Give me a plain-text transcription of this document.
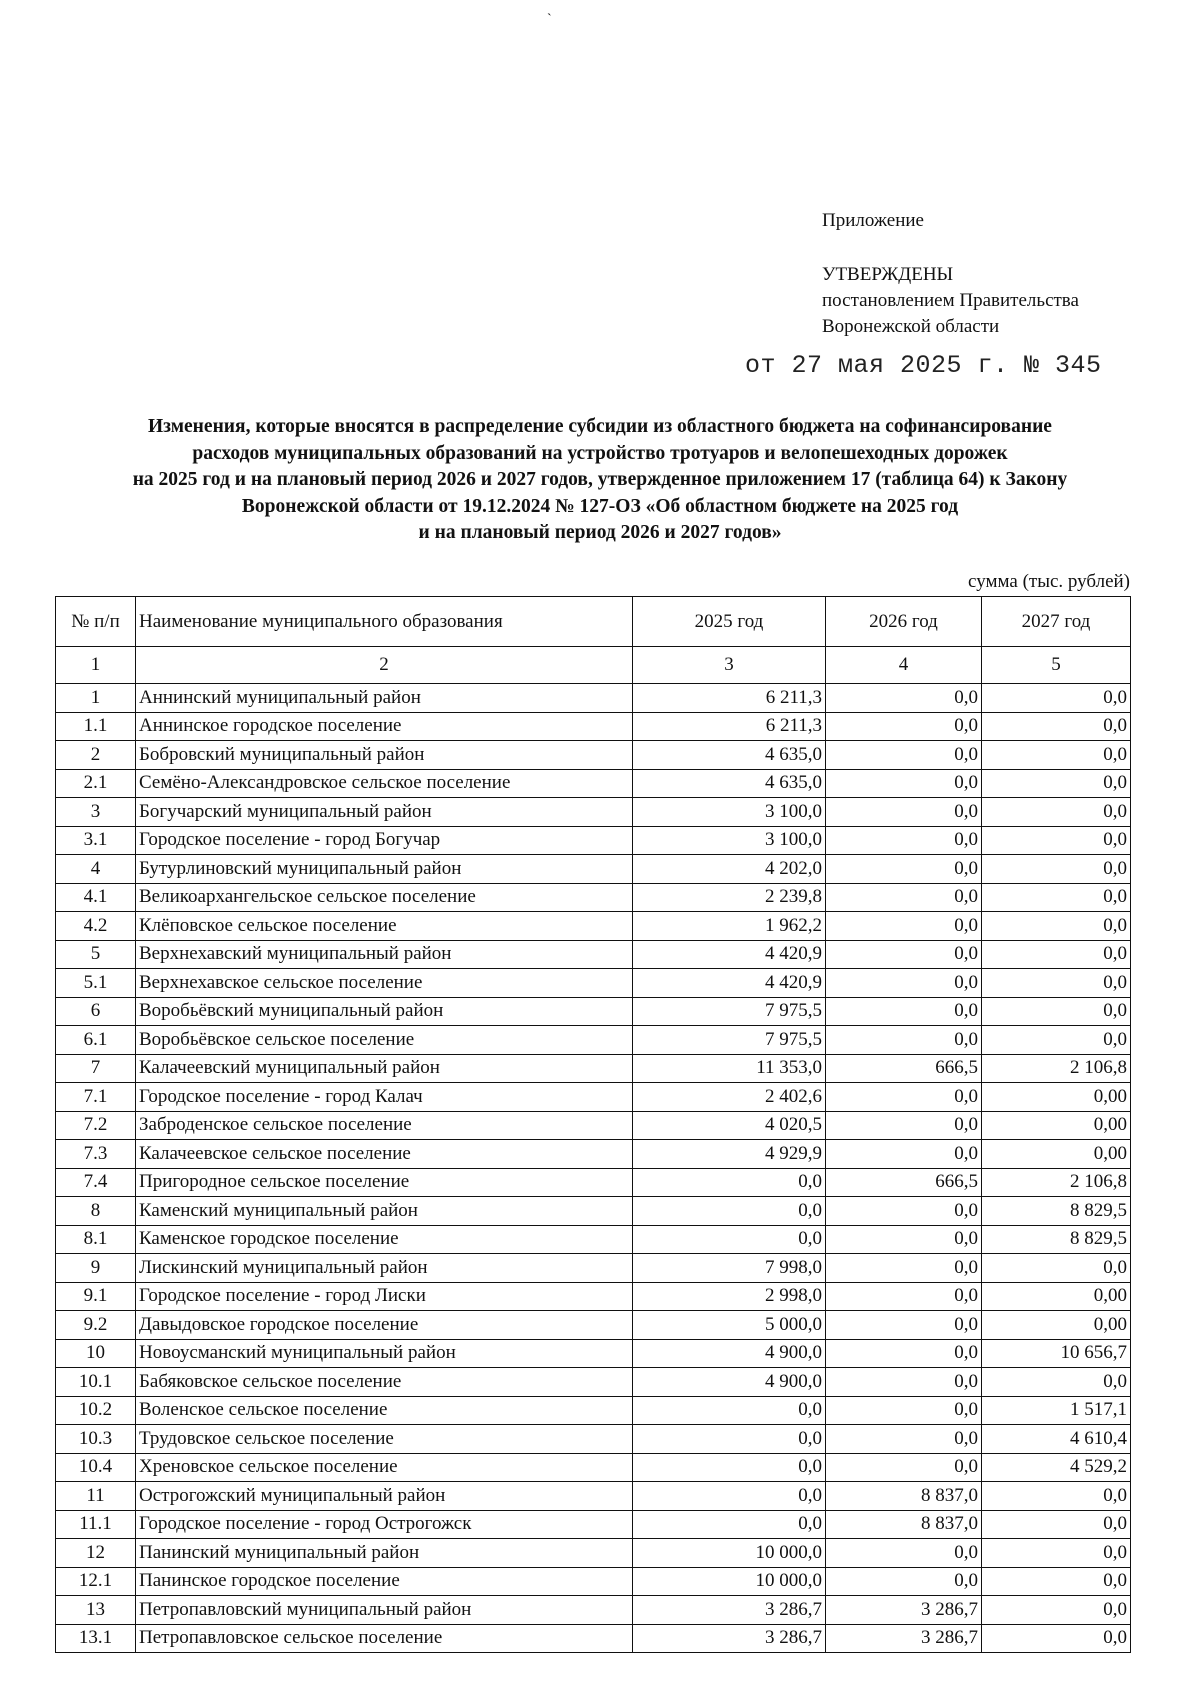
`
Приложение
УТВЕРЖДЕНЫ
постановлением Правительства
Воронежской области
от 27 мая 2025 г. № 345
Изменения, которые вносятся в распределение субсидии из областного бюджета на софинансирование
расходов муниципальных образований на устройство тротуаров и велопешеходных дорожек
на 2025 год и на плановый период 2026 и 2027 годов, утвержденное приложением 17 (таблица 64) к Закону
Воронежской области от 19.12.2024 № 127-ОЗ «Об областном бюджете на 2025 год
и на плановый период 2026 и 2027 годов»
сумма (тыс. рублей)
№ п/п	Наименование муниципального образования	2025 год	2026 год	2027 год
1	2	3	4	5
1	Аннинский муниципальный район	6 211,3	0,0	0,0
1.1	Аннинское городское поселение	6 211,3	0,0	0,0
2	Бобровский муниципальный район	4 635,0	0,0	0,0
2.1	Семёно-Александровское сельское поселение	4 635,0	0,0	0,0
3	Богучарский муниципальный район	3 100,0	0,0	0,0
3.1	Городское поселение - город Богучар	3 100,0	0,0	0,0
4	Бутурлиновский муниципальный район	4 202,0	0,0	0,0
4.1	Великоархангельское сельское поселение	2 239,8	0,0	0,0
4.2	Клёповское сельское поселение	1 962,2	0,0	0,0
5	Верхнехавский муниципальный район	4 420,9	0,0	0,0
5.1	Верхнехавское сельское поселение	4 420,9	0,0	0,0
6	Воробьёвский муниципальный район	7 975,5	0,0	0,0
6.1	Воробьёвское сельское поселение	7 975,5	0,0	0,0
7	Калачеевский муниципальный район	11 353,0	666,5	2 106,8
7.1	Городское поселение - город Калач	2 402,6	0,0	0,00
7.2	Заброденское сельское поселение	4 020,5	0,0	0,00
7.3	Калачеевское сельское поселение	4 929,9	0,0	0,00
7.4	Пригородное сельское поселение	0,0	666,5	2 106,8
8	Каменский муниципальный район	0,0	0,0	8 829,5
8.1	Каменское городское поселение	0,0	0,0	8 829,5
9	Лискинский муниципальный район	7 998,0	0,0	0,0
9.1	Городское поселение - город Лиски	2 998,0	0,0	0,00
9.2	Давыдовское городское поселение	5 000,0	0,0	0,00
10	Новоусманский муниципальный район	4 900,0	0,0	10 656,7
10.1	Бабяковское сельское поселение	4 900,0	0,0	0,0
10.2	Воленское сельское поселение	0,0	0,0	1 517,1
10.3	Трудовское сельское поселение	0,0	0,0	4 610,4
10.4	Хреновское сельское поселение	0,0	0,0	4 529,2
11	Острогожский муниципальный район	0,0	8 837,0	0,0
11.1	Городское поселение - город Острогожск	0,0	8 837,0	0,0
12	Панинский муниципальный район	10 000,0	0,0	0,0
12.1	Панинское городское поселение	10 000,0	0,0	0,0
13	Петропавловский муниципальный район	3 286,7	3 286,7	0,0
13.1	Петропавловское сельское поселение	3 286,7	3 286,7	0,0
